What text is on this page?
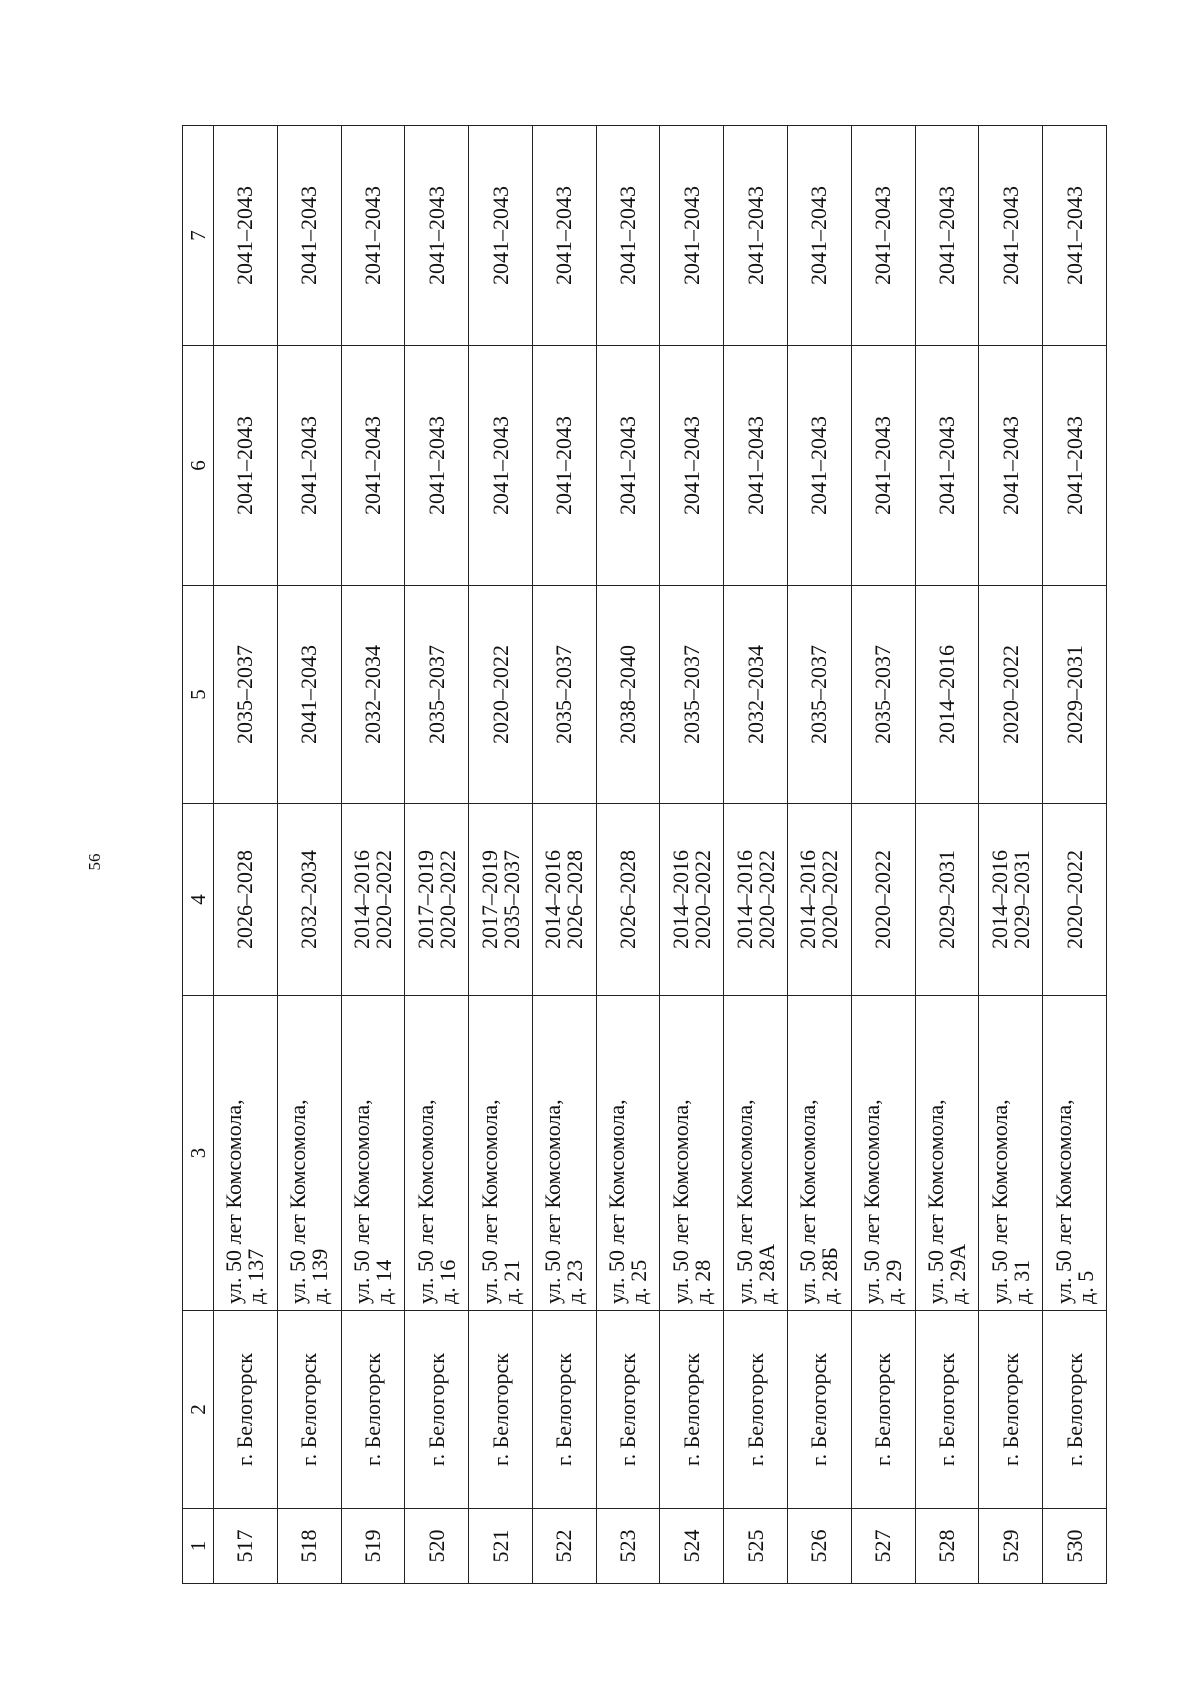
56
1	2	3	4	5	6	7
517	г. Белогорск	ул. 50 лет Комсомола,
д. 137	2026–2028	2035–2037	2041–2043	2041–2043
518	г. Белогорск	ул. 50 лет Комсомола,
д. 139	2032–2034	2041–2043	2041–2043	2041–2043
519	г. Белогорск	ул. 50 лет Комсомола,
д. 14	2014–2016
2020–2022	2032–2034	2041–2043	2041–2043
520	г. Белогорск	ул. 50 лет Комсомола,
д. 16	2017–2019
2020–2022	2035–2037	2041–2043	2041–2043
521	г. Белогорск	ул. 50 лет Комсомола,
д. 21	2017–2019
2035–2037	2020–2022	2041–2043	2041–2043
522	г. Белогорск	ул. 50 лет Комсомола,
д. 23	2014–2016
2026–2028	2035–2037	2041–2043	2041–2043
523	г. Белогорск	ул. 50 лет Комсомола,
д. 25	2026–2028	2038–2040	2041–2043	2041–2043
524	г. Белогорск	ул. 50 лет Комсомола,
д. 28	2014–2016
2020–2022	2035–2037	2041–2043	2041–2043
525	г. Белогорск	ул. 50 лет Комсомола,
д. 28А	2014–2016
2020–2022	2032–2034	2041–2043	2041–2043
526	г. Белогорск	ул. 50 лет Комсомола,
д. 28Б	2014–2016
2020–2022	2035–2037	2041–2043	2041–2043
527	г. Белогорск	ул. 50 лет Комсомола,
д. 29	2020–2022	2035–2037	2041–2043	2041–2043
528	г. Белогорск	ул. 50 лет Комсомола,
д. 29А	2029–2031	2014–2016	2041–2043	2041–2043
529	г. Белогорск	ул. 50 лет Комсомола,
д. 31	2014–2016
2029–2031	2020–2022	2041–2043	2041–2043
530	г. Белогорск	ул. 50 лет Комсомола,
д. 5	2020–2022	2029–2031	2041–2043	2041–2043
